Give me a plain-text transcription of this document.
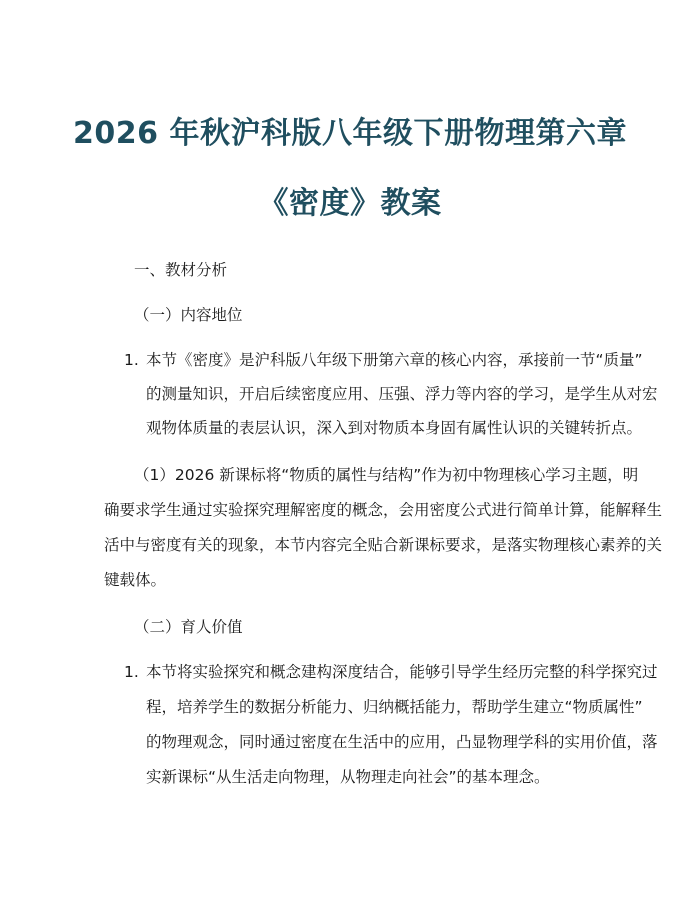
2026 年秋沪科版八年级下册物理第六章
《密度》教案
一、教材分析
（一）内容地位
1. 本节《密度》是沪科版八年级下册第六章的核心内容，承接前一节“质量”
的测量知识，开启后续密度应用、压强、浮力等内容的学习，是学生从对宏
观物体质量的表层认识，深入到对物质本身固有属性认识的关键转折点。
（1）2026 新课标将“物质的属性与结构”作为初中物理核心学习主题，明
确要求学生通过实验探究理解密度的概念，会用密度公式进行简单计算，能解释生
活中与密度有关的现象，本节内容完全贴合新课标要求，是落实物理核心素养的关
键载体。
（二）育人价值
1. 本节将实验探究和概念建构深度结合，能够引导学生经历完整的科学探究过
程，培养学生的数据分析能力、归纳概括能力，帮助学生建立“物质属性”
的物理观念，同时通过密度在生活中的应用，凸显物理学科的实用价值，落
实新课标“从生活走向物理，从物理走向社会”的基本理念。
